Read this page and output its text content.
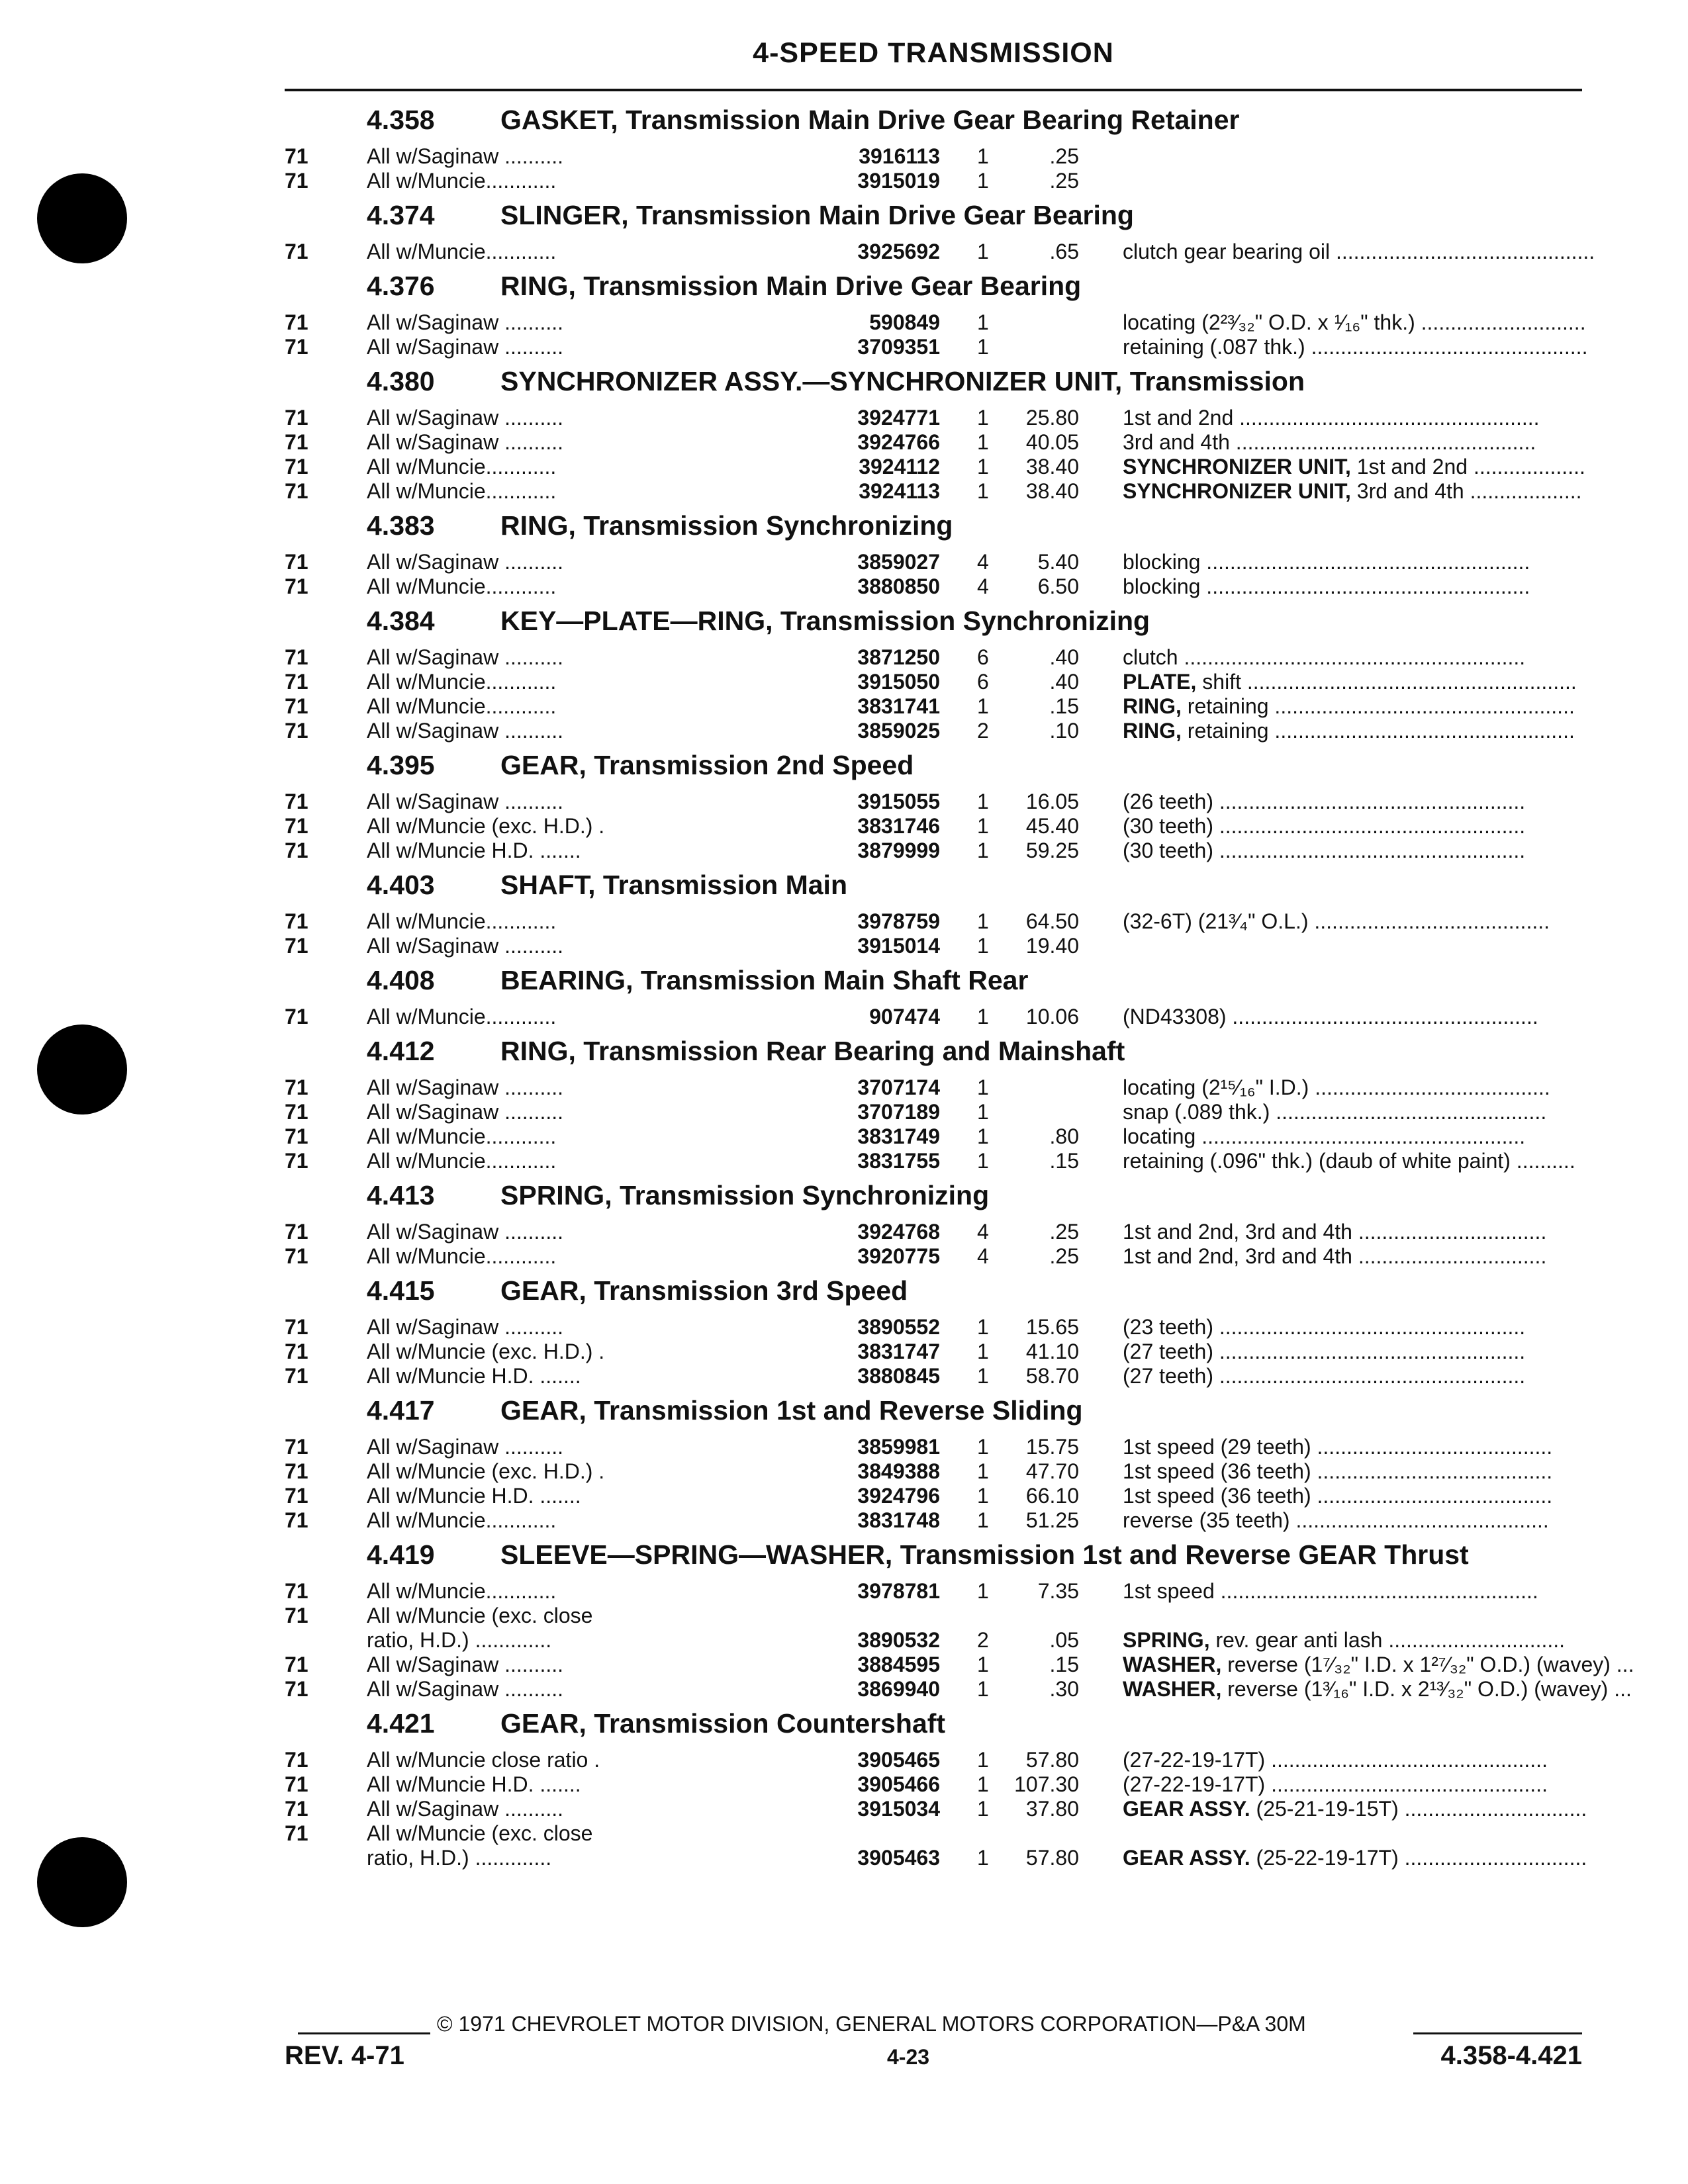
4-SPEED TRANSMISSION
4.358	GASKET, Transmission Main Drive Gear Bearing Retainer
71	All w/Saginaw ..........	3916113 1	.25
71	All w/Muncie............	3915019 1	.25
4.374	SLINGER, Transmission Main Drive Gear Bearing
71	All w/Muncie............	3925692 1	.65 clutch gear bearing oil ............................................
4.376	RING, Transmission Main Drive Gear Bearing
71	All w/Saginaw ..........	590849 1	locating (2²³⁄₃₂" O.D. x ¹⁄₁₆" thk.) ............................
71	All w/Saginaw ..........	3709351 1	retaining (.087 thk.) ...............................................
4.380	SYNCHRONIZER ASSY.—SYNCHRONIZER UNIT, Transmission
71	All w/Saginaw ..........	3924771 1	25.80 1st and 2nd ...................................................
71	All w/Saginaw ..........	3924766 1	40.05 3rd and 4th ...................................................
71	All w/Muncie............	3924112 1	38.40 SYNCHRONIZER UNIT, 1st and 2nd ...................
71	All w/Muncie............	3924113 1	38.40 SYNCHRONIZER UNIT, 3rd and 4th ...................
4.383	RING, Transmission Synchronizing
71	All w/Saginaw ..........	3859027 4	5.40 blocking .......................................................
71	All w/Muncie............	3880850 4	6.50 blocking .......................................................
4.384	KEY—PLATE—RING, Transmission Synchronizing
71	All w/Saginaw ..........	3871250 6	.40 clutch ..........................................................
71	All w/Muncie............	3915050 6	.40 PLATE, shift ........................................................
71	All w/Muncie............	3831741 1	.15 RING, retaining ...................................................
71	All w/Saginaw ..........	3859025 2	.10 RING, retaining ...................................................
4.395	GEAR, Transmission 2nd Speed
71	All w/Saginaw ..........	3915055 1	16.05 (26 teeth) ....................................................
71	All w/Muncie (exc. H.D.) .	3831746 1	45.40 (30 teeth) ....................................................
71	All w/Muncie H.D. .......	3879999 1	59.25 (30 teeth) ....................................................
4.403	SHAFT, Transmission Main
71	All w/Muncie............	3978759 1	64.50 (32-6T) (21³⁄₄" O.L.) ........................................
71	All w/Saginaw ..........	3915014 1	19.40
4.408	BEARING, Transmission Main Shaft Rear
71	All w/Muncie............	907474 1	10.06 (ND43308) ....................................................
4.412	RING, Transmission Rear Bearing and Mainshaft
71	All w/Saginaw ..........	3707174 1	locating (2¹⁵⁄₁₆" I.D.) ........................................
71	All w/Saginaw ..........	3707189 1	snap (.089 thk.) ..............................................
71	All w/Muncie............	3831749 1	.80 locating .......................................................
71	All w/Muncie............	3831755 1	.15 retaining (.096" thk.) (daub of white paint) ..........
4.413	SPRING, Transmission Synchronizing
71	All w/Saginaw ..........	3924768 4	.25 1st and 2nd, 3rd and 4th ................................
71	All w/Muncie............	3920775 4	.25 1st and 2nd, 3rd and 4th ................................
4.415	GEAR, Transmission 3rd Speed
71	All w/Saginaw ..........	3890552 1	15.65 (23 teeth) ....................................................
71	All w/Muncie (exc. H.D.) .	3831747 1	41.10 (27 teeth) ....................................................
71	All w/Muncie H.D. .......	3880845 1	58.70 (27 teeth) ....................................................
4.417	GEAR, Transmission 1st and Reverse Sliding
71	All w/Saginaw ..........	3859981 1	15.75 1st speed (29 teeth) ........................................
71	All w/Muncie (exc. H.D.) .	3849388 1	47.70 1st speed (36 teeth) ........................................
71	All w/Muncie H.D. .......	3924796 1	66.10 1st speed (36 teeth) ........................................
71	All w/Muncie............	3831748 1	51.25 reverse (35 teeth) ...........................................
4.419	SLEEVE—SPRING—WASHER, Transmission 1st and Reverse GEAR Thrust
71	All w/Muncie............	3978781 1	7.35 1st speed ......................................................
71	All w/Muncie (exc. close
ratio, H.D.) .............	3890532 2	.05 SPRING, rev. gear anti lash ..............................
71	All w/Saginaw ..........	3884595 1	.15 WASHER, reverse (1⁷⁄₃₂" I.D. x 1²⁷⁄₃₂" O.D.) (wavey) ...
71	All w/Saginaw ..........	3869940 1	.30 WASHER, reverse (1³⁄₁₆" I.D. x 2¹³⁄₃₂" O.D.) (wavey) ...
4.421	GEAR, Transmission Countershaft
71	All w/Muncie close ratio .	3905465 1	57.80 (27-22-19-17T) ...............................................
71	All w/Muncie H.D. .......	3905466 1	107.30 (27-22-19-17T) ...............................................
71	All w/Saginaw ..........	3915034 1	37.80 GEAR ASSY. (25-21-19-15T) ...............................
71	All w/Muncie (exc. close
ratio, H.D.) .............	3905463 1	57.80 GEAR ASSY. (25-22-19-17T) ...............................
© 1971 CHEVROLET MOTOR DIVISION, GENERAL MOTORS CORPORATION—P&A 30M
REV. 4-71	4-23	4.358-4.421
